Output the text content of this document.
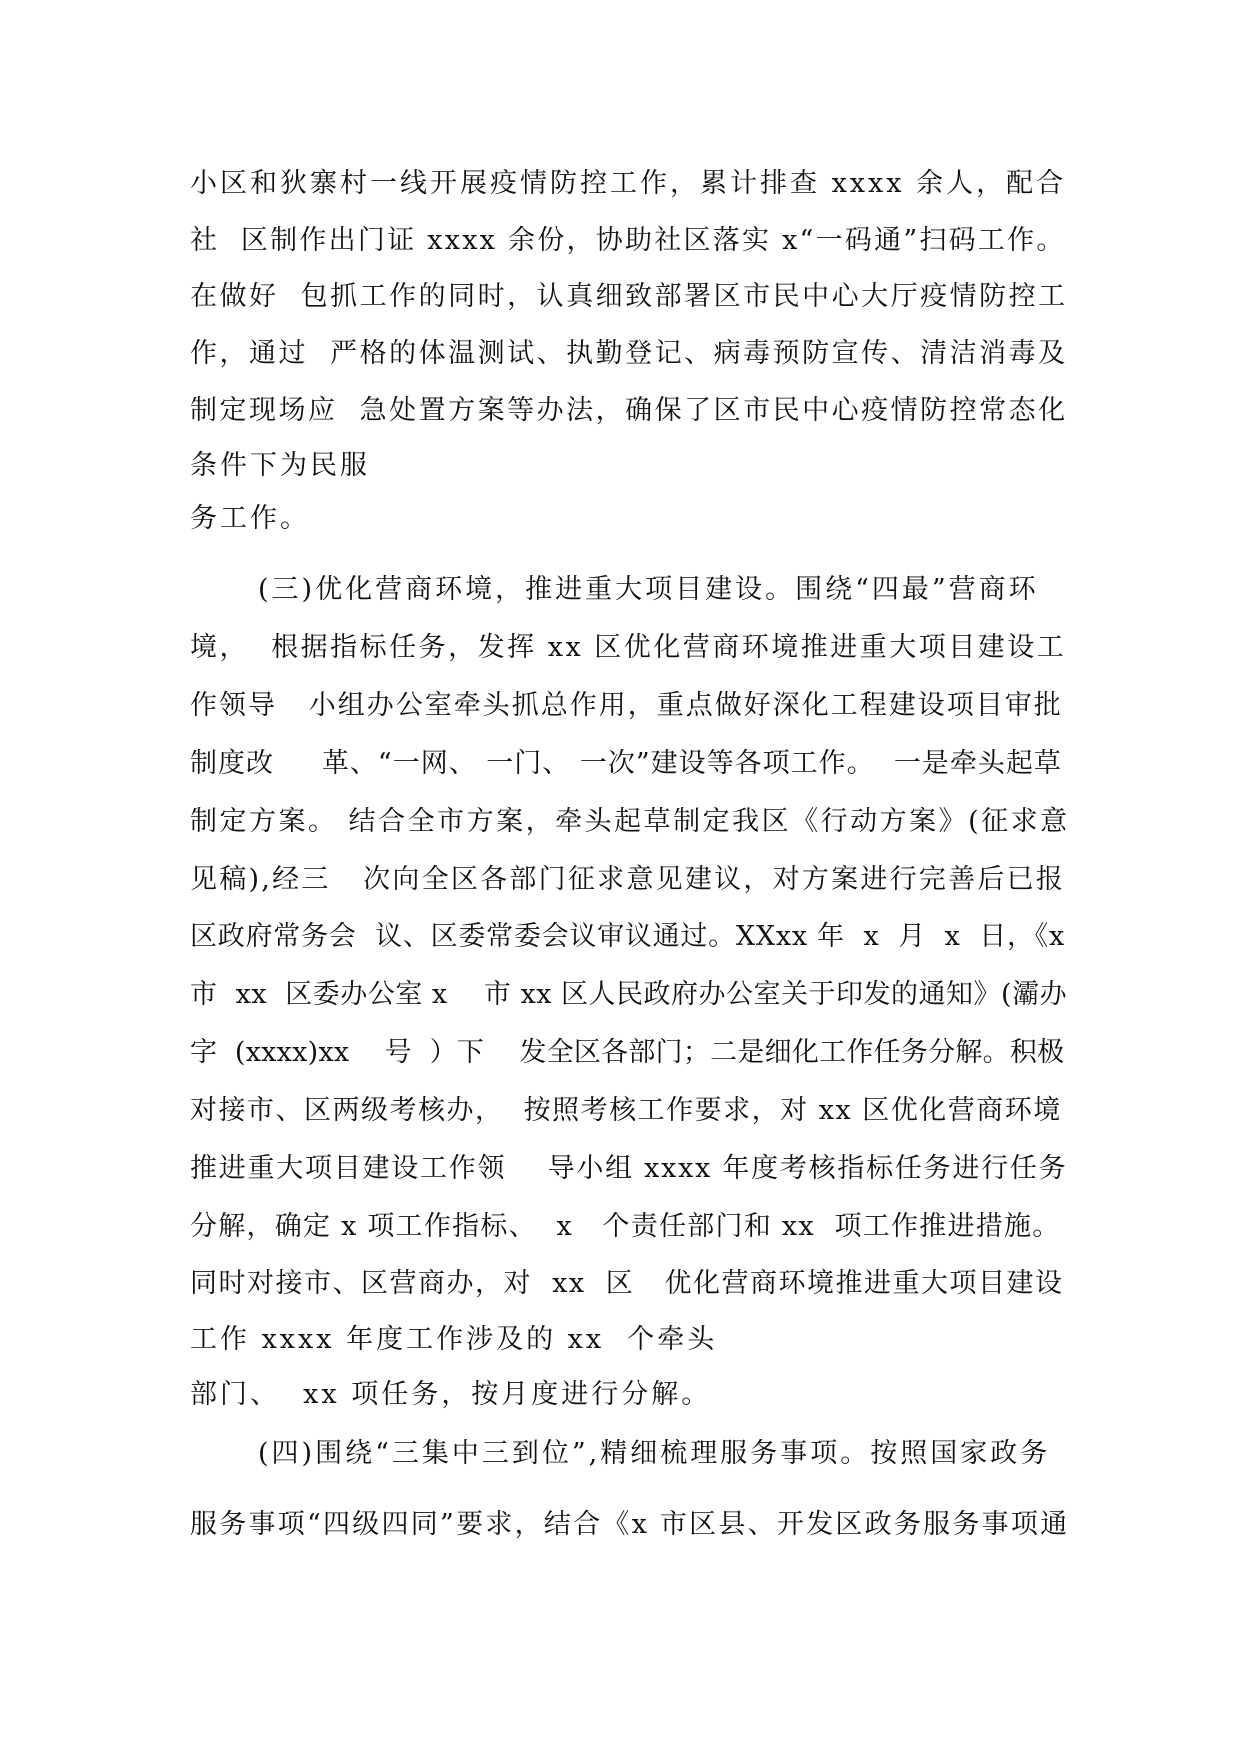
小区和狄寨村一线开展疫情防控工作，累计排查 xxxx 余人，配合

社  区制作出门证 xxxx 余份，协助社区落实 x“一码通”扫码工作。

在做好  包抓工作的同时，认真细致部署区市民中心大厅疫情防控工

作，通过  严格的体温测试、执勤登记、病毒预防宣传、清洁消毒及

制定现场应  急处置方案等办法，确保了区市民中心疫情防控常态化

条件下为民服

务工作。

(三)优化营商环境，推进重大项目建设。围绕“四最”营商环

境，  根据指标任务，发挥 xx 区优化营商环境推进重大项目建设工

作领导   小组办公室牵头抓总作用，重点做好深化工程建设项目审批

制度改     革、“一网、 一门、 一次”建设等各项工作。  一是牵头起草

制定方案。 结合全市方案，牵头起草制定我区《行动方案》(征求意

见稿),经三   次向全区各部门征求意见建议，对方案进行完善后已报

区政府常务会  议、区委常委会议审议通过。XXxx 年  x  月  x  日，《x

市  xx  区委办公室 x    市 xx 区人民政府办公室关于印发的通知》(灞办

字  (xxxx)xx    号  ）下    发全区各部门；二是细化工作任务分解。积极

对接市、区两级考核办，  按照考核工作要求，对 xx 区优化营商环境

推进重大项目建设工作领    导小组 xxxx 年度考核指标任务进行任务

分解，确定 x 项工作指标、  x   个责任部门和 xx  项工作推进措施。

同时对接市、区营商办，对  xx  区   优化营商环境推进重大项目建设

工作 xxxx 年度工作涉及的 xx  个牵头

部门、  xx 项任务，按月度进行分解。

(四)围绕“三集中三到位”,精细梳理服务事项。按照国家政务

服务事项“四级四同”要求，结合《x 市区县、开发区政务服务事项通
